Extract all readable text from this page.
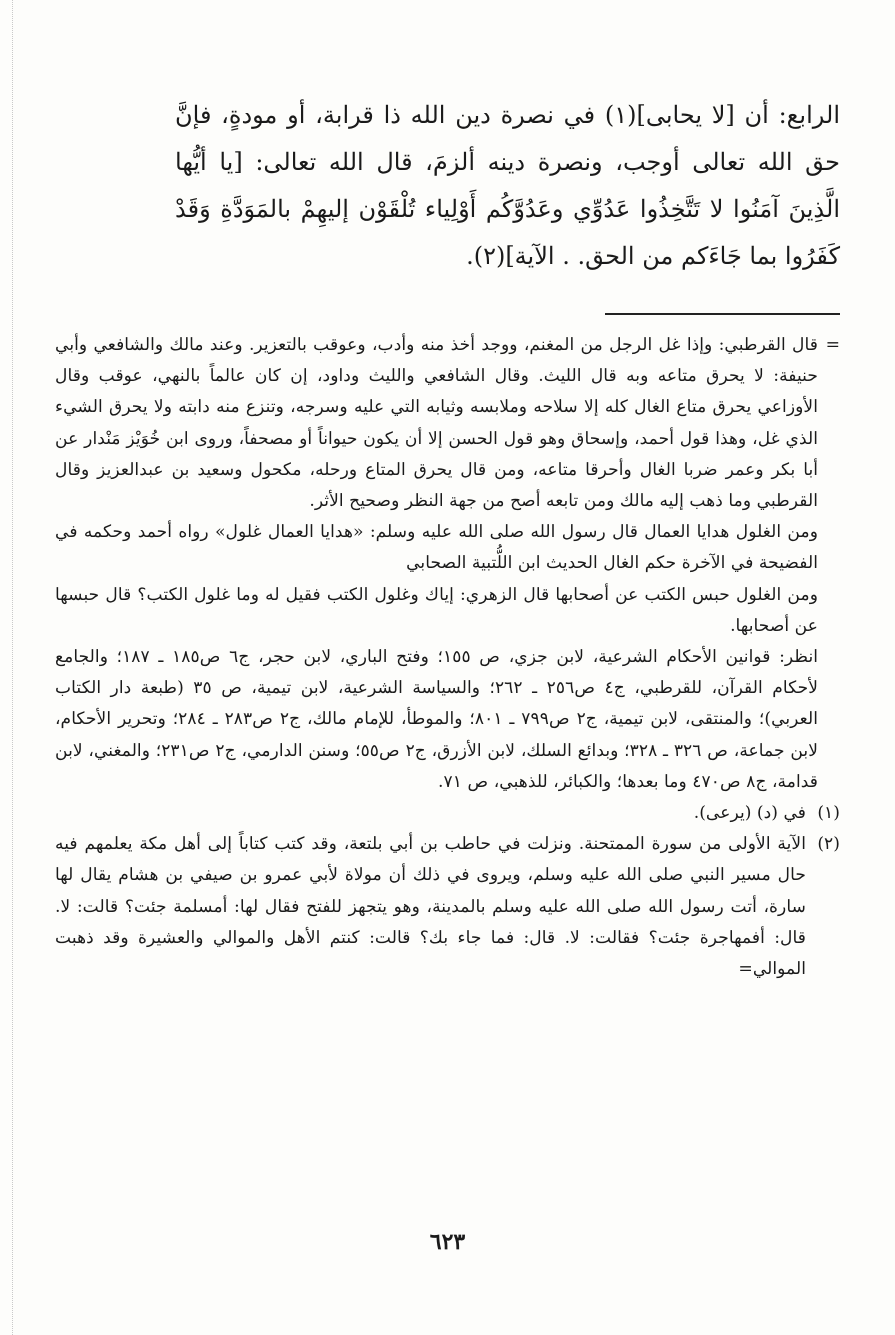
الرابع: أن [لا يحابى](١) في نصرة دين الله ذا قرابة، أو مودةٍ، فإنَّ حق الله تعالى أوجب، ونصرة دينه ألزمَ، قال الله تعالى: [يا أيُّها الَّذِينَ آمَنُوا لا تَتَّخِذُوا عَدُوِّي وعَدُوَّكُم أَوْلِياء تُلْقَوْن إليهِمْ بالمَوَدَّةِ وَقَدْ كَفَرُوا بما جَاءَكم من الحق. . الآية](٢).

=

قال القرطبي: وإذا غل الرجل من المغنم، ووجد أخذ منه وأدب، وعوقب بالتعزير. وعند مالك والشافعي وأبي حنيفة: لا يحرق متاعه وبه قال الليث. وقال الشافعي والليث وداود، إن كان عالماً بالنهي، عوقب وقال الأوزاعي يحرق متاع الغال كله إلا سلاحه وملابسه وثيابه التي عليه وسرجه، وتنزع منه دابته ولا يحرق الشيء الذي غل، وهذا قول أحمد، وإسحاق وهو قول الحسن إلا أن يكون حيواناً أو مصحفاً، وروى ابن خُوَيْز مَنْدار عن أبا بكر وعمر ضربا الغال وأحرقا متاعه، ومن قال يحرق المتاع ورحله، مكحول وسعيد بن عبدالعزيز وقال القرطبي وما ذهب إليه مالك ومن تابعه أصح من جهة النظر وصحيح الأثر.

ومن الغلول هدايا العمال قال رسول الله صلى الله عليه وسلم: «هدايا العمال غلول» رواه أحمد وحكمه في الفضيحة في الآخرة حكم الغال الحديث ابن اللُّتبية الصحابي

ومن الغلول حبس الكتب عن أصحابها قال الزهري: إياك وغلول الكتب فقيل له وما غلول الكتب؟ قال حبسها عن أصحابها.

انظر: قوانين الأحكام الشرعية، لابن جزي، ص ١٥٥؛ وفتح الباري، لابن حجر، ج٦ ص١٨٥ ـ ١٨٧؛ والجامع لأحكام القرآن، للقرطبي، ج٤ ص٢٥٦ ـ ٢٦٢؛ والسياسة الشرعية، لابن تيمية، ص ٣٥ (طبعة دار الكتاب العربي)؛ والمنتقى، لابن تيمية، ج٢ ص٧٩٩ ـ ٨٠١؛ والموطأ، للإمام مالك، ج٢ ص٢٨٣ ـ ٢٨٤؛ وتحرير الأحكام، لابن جماعة، ص ٣٢٦ ـ ٣٢٨؛ وبدائع السلك، لابن الأزرق، ج٢ ص٥٥؛ وسنن الدارمي، ج٢ ص٢٣١؛ والمغني، لابن قدامة، ج٨ ص٤٧٠ وما بعدها؛ والكبائر، للذهبي، ص ٧١.

(١)

في (د) (يرعى).

(٢)

الآية الأولى من سورة الممتحنة. ونزلت في حاطب بن أبي بلتعة، وقد كتب كتاباً إلى أهل مكة يعلمهم فيه حال مسير النبي صلى الله عليه وسلم، ويروى في ذلك أن مولاة لأبي عمرو بن صيفي بن هشام يقال لها سارة، أتت رسول الله صلى الله عليه وسلم بالمدينة، وهو يتجهز للفتح فقال لها: أمسلمة جئت؟ قالت: لا. قال: أفمهاجرة جئت؟ فقالت: لا. قال: فما جاء بك؟ قالت: كنتم الأهل والموالي والعشيرة وقد ذهبت الموالي=

٦٢٣
